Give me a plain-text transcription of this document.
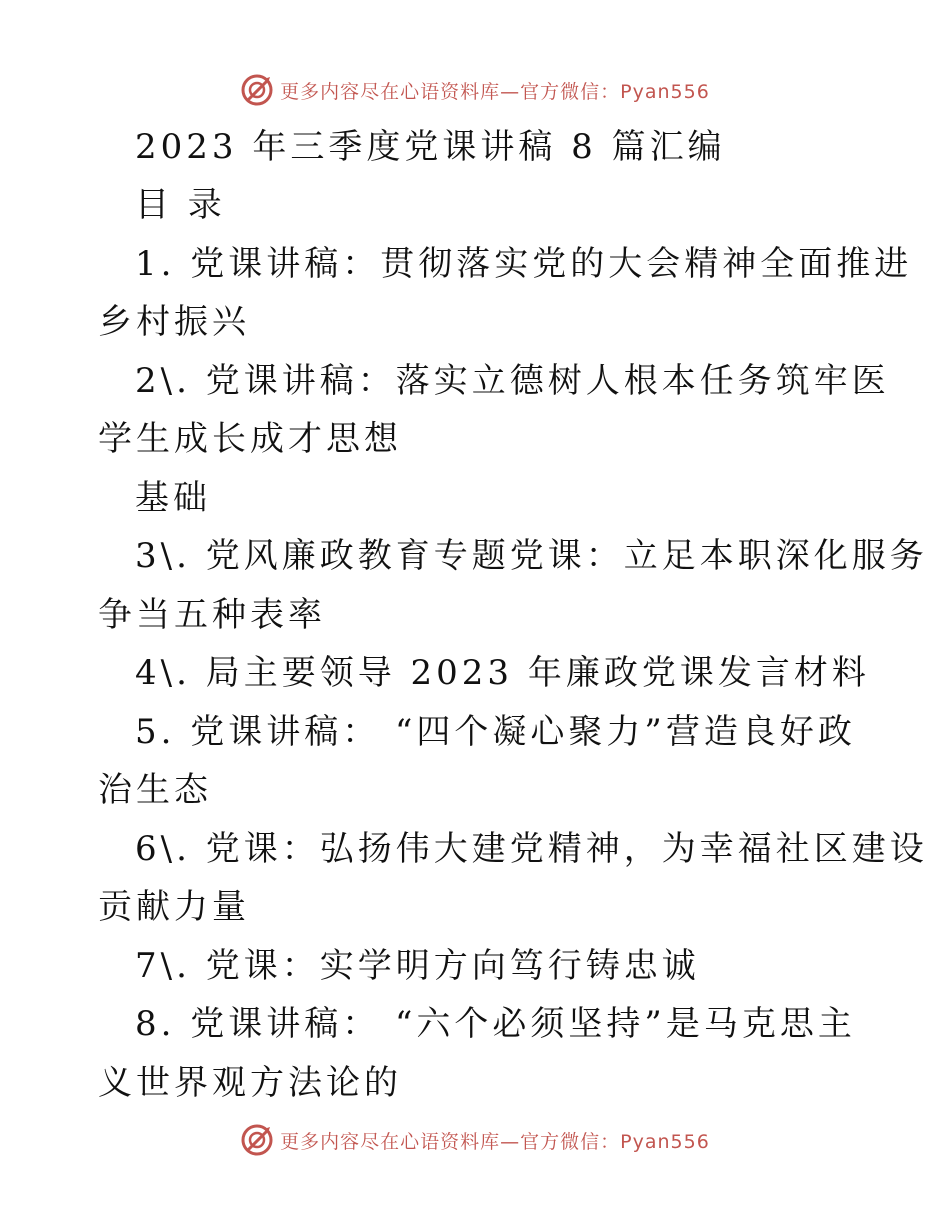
更多内容尽在心语资料库—官方微信：Pyan556
2023 年三季度党课讲稿 8 篇汇编
目 录
1. 党课讲稿：贯彻落实党的大会精神全面推进
乡村振兴
2\. 党课讲稿：落实立德树人根本任务筑牢医
学生成长成才思想
基础
3\. 党风廉政教育专题党课：立足本职深化服务
争当五种表率
4\. 局主要领导 2023 年廉政党课发言材料
5. 党课讲稿： “四个凝心聚力”营造良好政
治生态
6\. 党课：弘扬伟大建党精神，为幸福社区建设
贡献力量
7\. 党课：实学明方向笃行铸忠诚
8. 党课讲稿： “六个必须坚持”是马克思主
义世界观方法论的
更多内容尽在心语资料库—官方微信：Pyan556
